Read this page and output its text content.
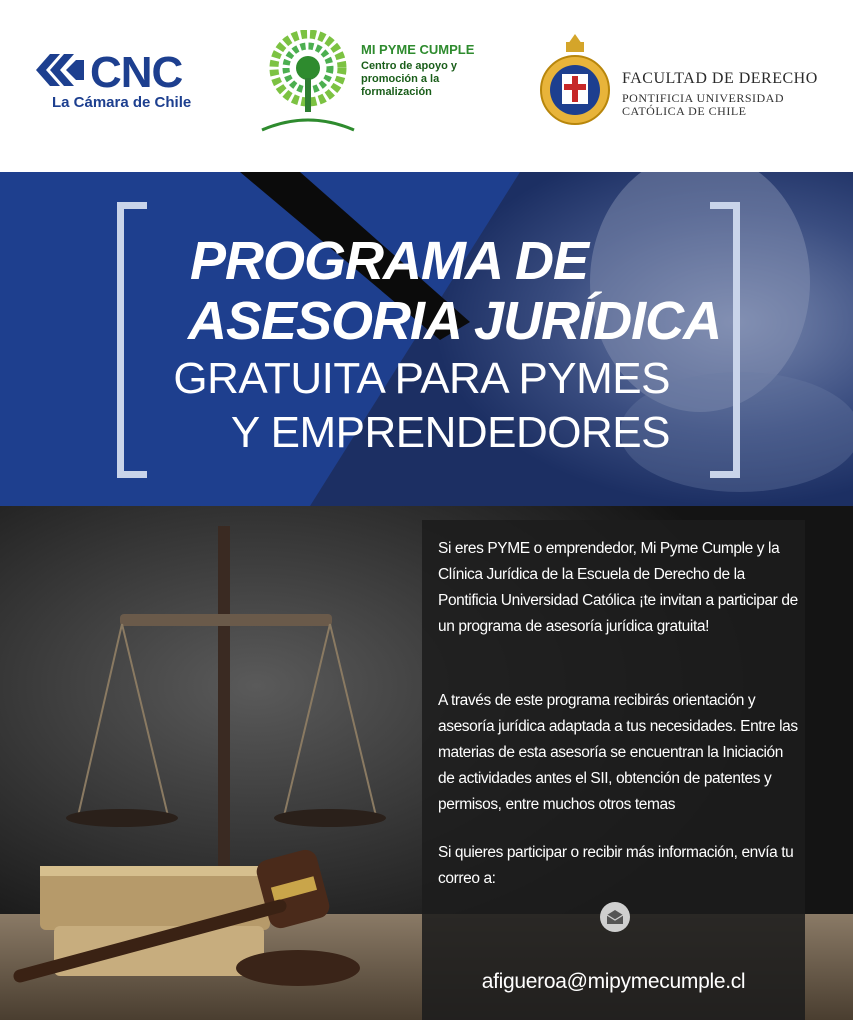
CNC
La Cámara de Chile
MI PYME CUMPLE
Centro de apoyo y
promoción a la
formalización
FACULTAD DE DERECHO
PONTIFICIA UNIVERSIDAD
CATÓLICA DE CHILE
PROGRAMA DE
ASESORIA JURÍDICA
GRATUITA PARA PYMES
Y EMPRENDEDORES
Si eres PYME o emprendedor, Mi Pyme Cumple y la Clínica Jurídica de la Escuela de Derecho de la Pontificia Universidad Católica ¡te invitan a participar de un programa de asesoría jurídica gratuita!
A través de este programa recibirás orientación y asesoría jurídica adaptada a tus necesidades. Entre las materias de esta asesoría se encuentran la Iniciación de actividades antes el SII, obtención de patentes y permisos, entre muchos otros temas
Si quieres participar o recibir más información, envía tu correo a:
afigueroa@mipymecumple.cl
